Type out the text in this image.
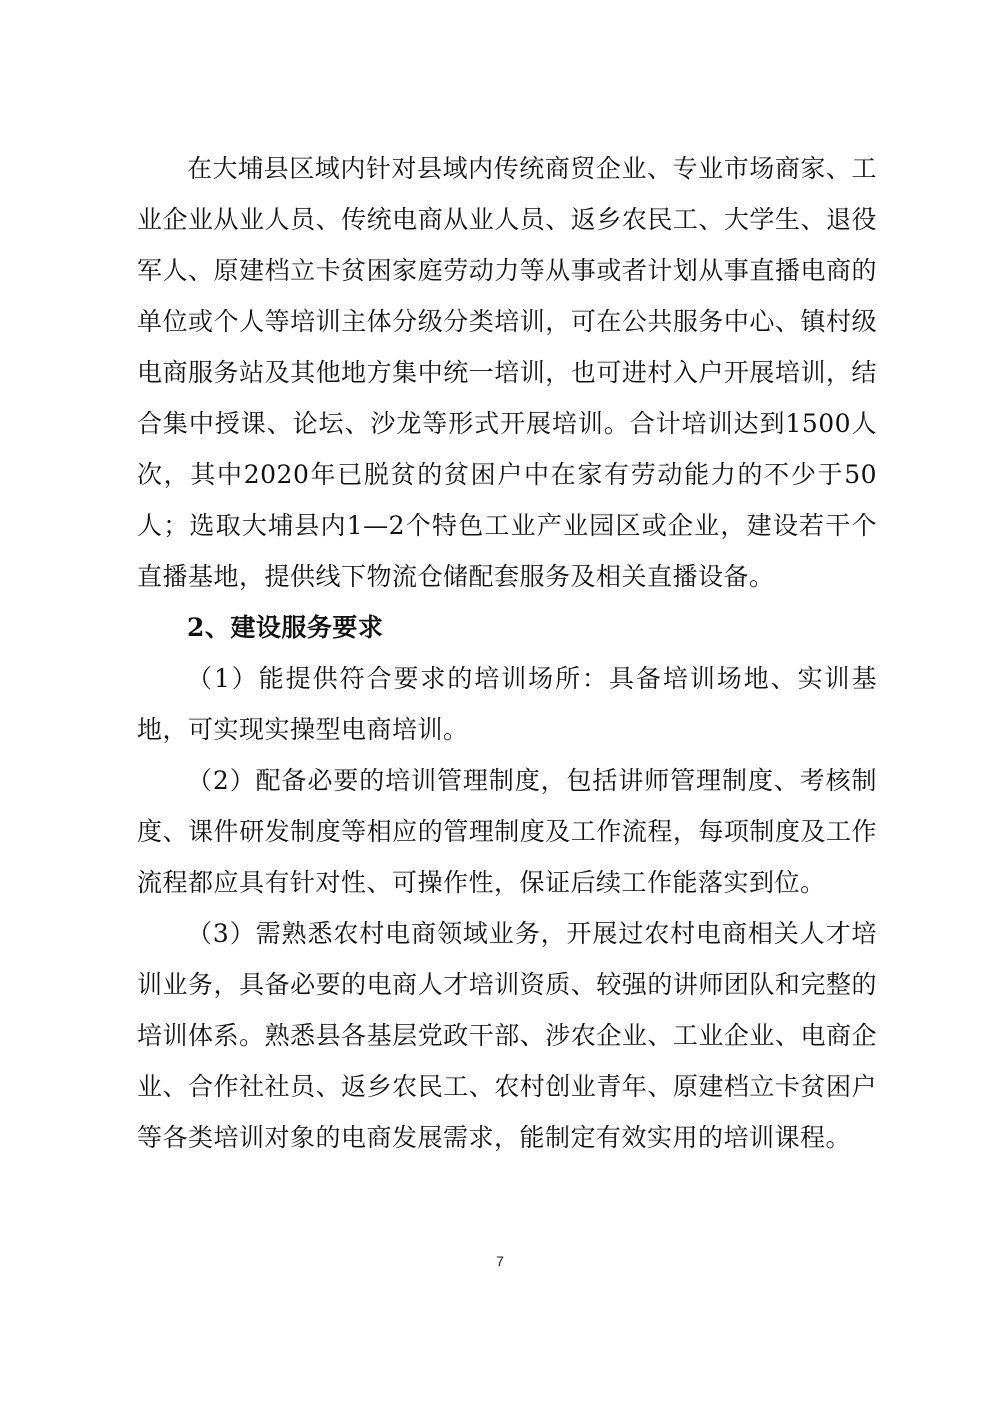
在大埔县区域内针对县域内传统商贸企业、专业市场商家、工业企业从业人员、传统电商从业人员、返乡农民工、大学生、退役军人、原建档立卡贫困家庭劳动力等从事或者计划从事直播电商的单位或个人等培训主体分级分类培训，可在公共服务中心、镇村级电商服务站及其他地方集中统一培训，也可进村入户开展培训，结合集中授课、论坛、沙龙等形式开展培训。合计培训达到1500人次，其中2020年已脱贫的贫困户中在家有劳动能力的不少于50人；选取大埔县内1—2个特色工业产业园区或企业，建设若干个直播基地，提供线下物流仓储配套服务及相关直播设备。

2、建设服务要求

（1）能提供符合要求的培训场所：具备培训场地、实训基地，可实现实操型电商培训。

（2）配备必要的培训管理制度，包括讲师管理制度、考核制度、课件研发制度等相应的管理制度及工作流程，每项制度及工作流程都应具有针对性、可操作性，保证后续工作能落实到位。

（3）需熟悉农村电商领域业务，开展过农村电商相关人才培训业务，具备必要的电商人才培训资质、较强的讲师团队和完整的培训体系。熟悉县各基层党政干部、涉农企业、工业企业、电商企业、合作社社员、返乡农民工、农村创业青年、原建档立卡贫困户等各类培训对象的电商发展需求，能制定有效实用的培训课程。

7
